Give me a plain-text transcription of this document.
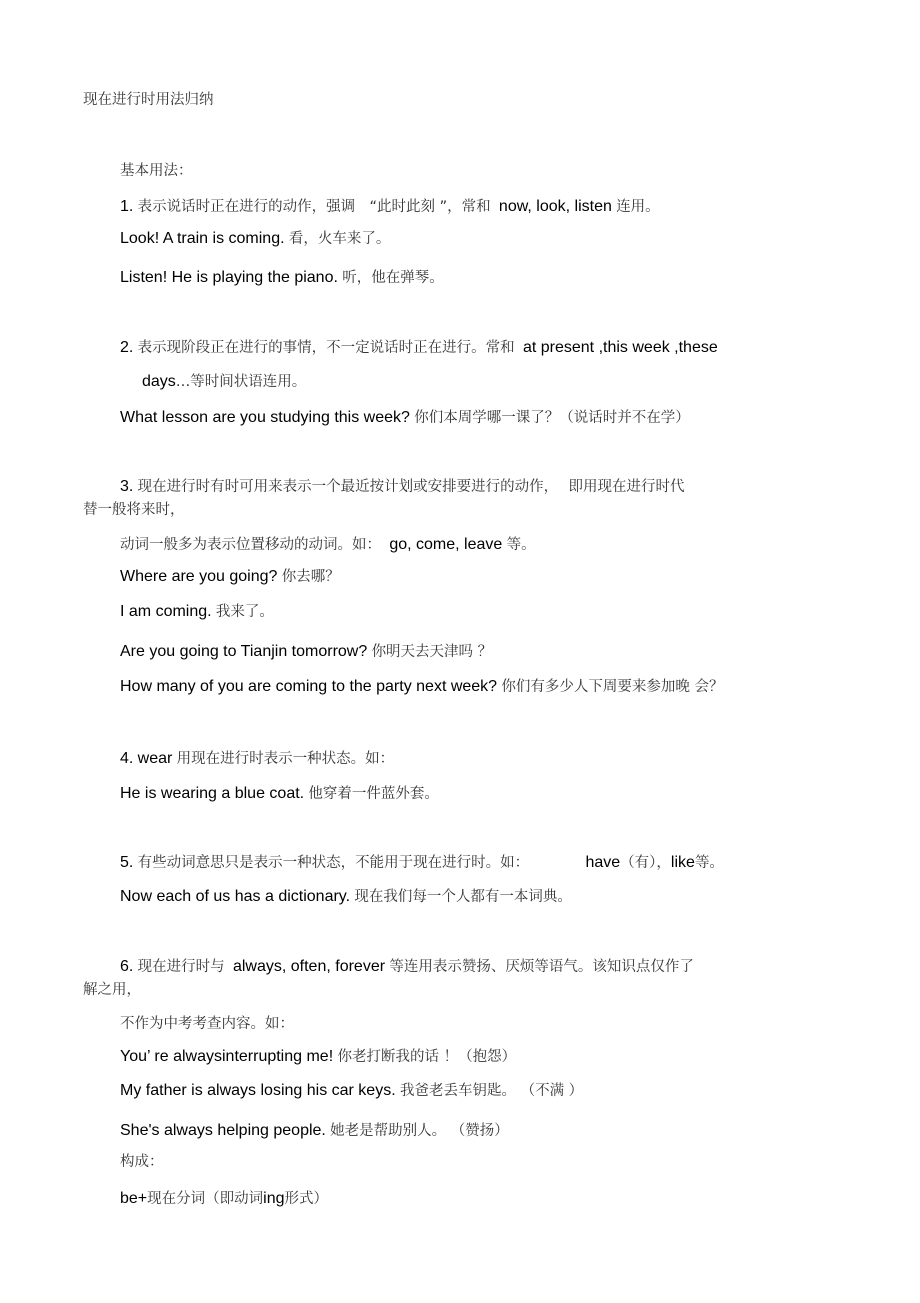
现在进行时用法归纳
基本用法：
1. 表示说话时正在进行的动作，强调 “此时此刻 ”，常和 now, look, listen 连用。
Look! A train is coming. 看，火车来了。
Listen! He is playing the piano. 听，他在弹琴。
2. 表示现阶段正在进行的事情，不一定说话时正在进行。常和 at present ,this week ,these
days…等时间状语连用。
What lesson are you studying this week? 你们本周学哪一课了？（说话时并不在学）
3. 现在进行时有时可用来表示一个最近按计划或安排要进行的动作， 即用现在进行时代
替一般将来时，
动词一般多为表示位置移动的动词。如： go, come, leave 等。
Where are you going? 你去哪？
I am coming. 我来了。
Are you going to Tianjin tomorrow? 你明天去天津吗 ？
How many of you are coming to the party next week? 你们有多少人下周要来参加晚 会？
4. wear 用现在进行时表示一种状态。如：
He is wearing a blue coat. 他穿着一件蓝外套。
5. 有些动词意思只是表示一种状态，不能用于现在进行时。如：	have（有），like等。
Now each of us has a dictionary. 现在我们每一个人都有一本词典。
6. 现在进行时与 always, often, forever 等连用表示赞扬、厌烦等语气。该知识点仅作了
解之用，
不作为中考考查内容。如：
You’ re alwaysinterrupting me! 你老打断我的话 ！（抱怨）
My father is always losing his car keys. 我爸老丢车钥匙。 （不满 ）
She's always helping people. 她老是帮助别人。 （赞扬）
构成：
be+现在分词（即动词ing形式）
